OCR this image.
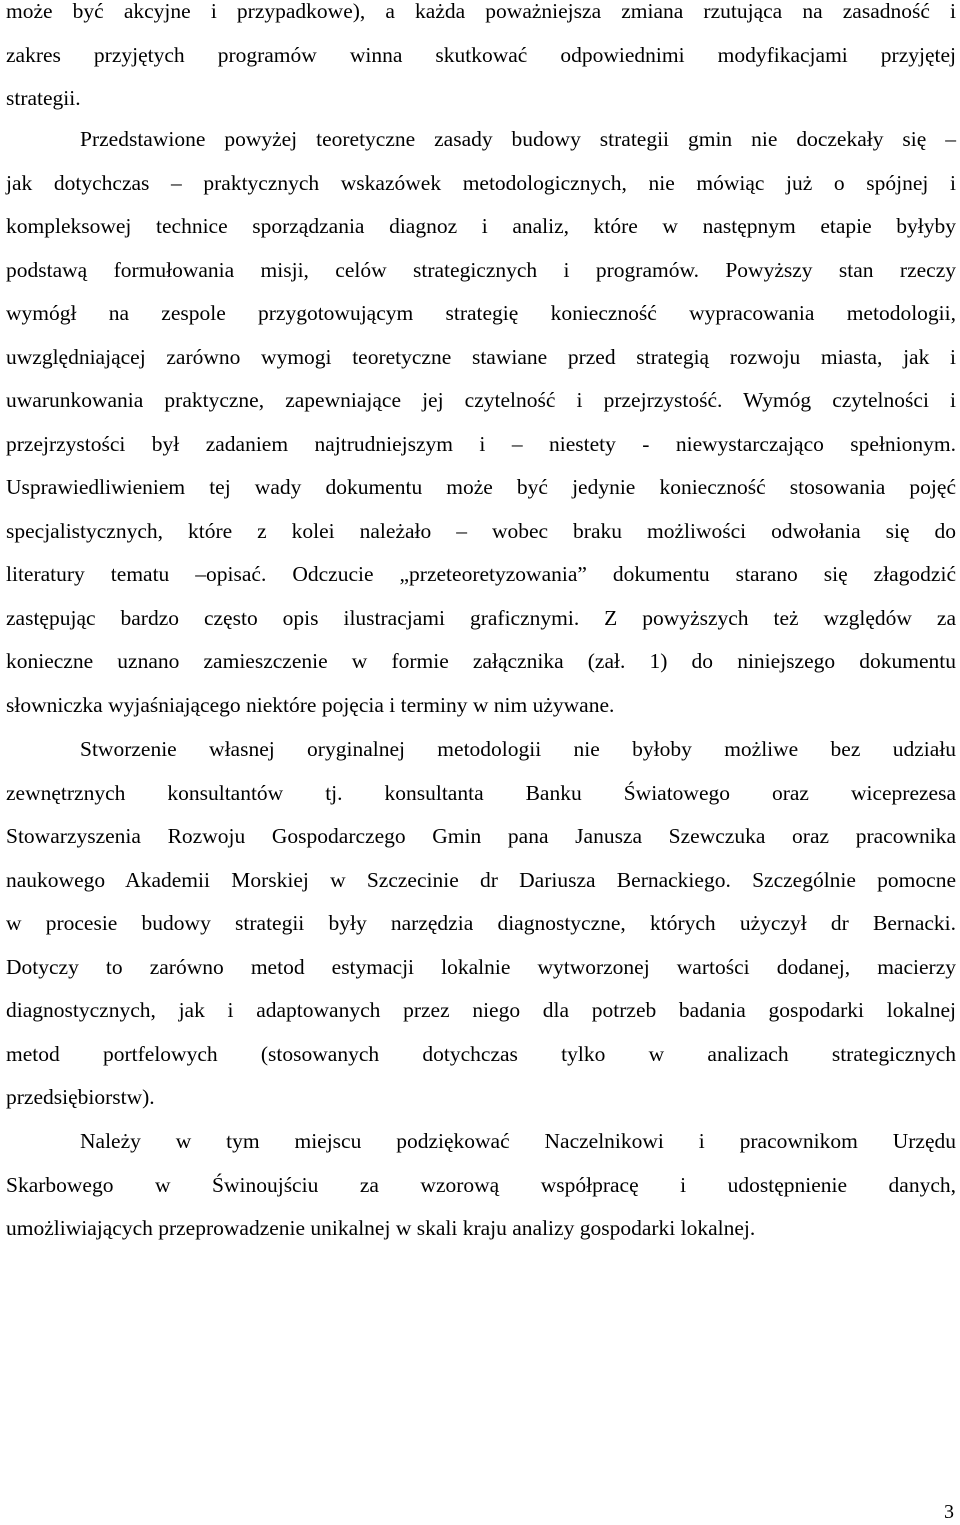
może być akcyjne i przypadkowe), a każda poważniejsza zmiana rzutująca na zasadność i
zakres przyjętych programów winna skutkować odpowiednimi modyfikacjami przyjętej
strategii.
Przedstawione powyżej teoretyczne zasady budowy strategii gmin nie doczekały się –
jak dotychczas – praktycznych wskazówek metodologicznych, nie mówiąc już o spójnej i
kompleksowej technice sporządzania diagnoz i analiz, które w następnym etapie byłyby
podstawą formułowania misji, celów strategicznych i programów. Powyższy stan rzeczy
wymógł na zespole przygotowującym strategię konieczność wypracowania metodologii,
uwzględniającej zarówno wymogi teoretyczne stawiane przed strategią rozwoju miasta, jak i
uwarunkowania praktyczne, zapewniające jej czytelność i przejrzystość. Wymóg czytelności i
przejrzystości był zadaniem najtrudniejszym i – niestety - niewystarczająco spełnionym.
Usprawiedliwieniem tej wady dokumentu może być jedynie konieczność stosowania pojęć
specjalistycznych, które z kolei należało – wobec braku możliwości odwołania się do
literatury tematu –opisać. Odczucie „przeteoretyzowania” dokumentu starano się złagodzić
zastępując bardzo często opis ilustracjami graficznymi. Z powyższych też względów za
konieczne uznano zamieszczenie w formie załącznika (zał. 1) do niniejszego dokumentu
słowniczka wyjaśniającego niektóre pojęcia i terminy w nim używane.
Stworzenie własnej oryginalnej metodologii nie byłoby możliwe bez udziału
zewnętrznych konsultantów tj. konsultanta Banku Światowego oraz wiceprezesa
Stowarzyszenia Rozwoju Gospodarczego Gmin pana Janusza Szewczuka oraz pracownika
naukowego Akademii Morskiej w Szczecinie dr Dariusza Bernackiego. Szczególnie pomocne
w procesie budowy strategii były narzędzia diagnostyczne, których użyczył dr Bernacki.
Dotyczy to zarówno metod estymacji lokalnie wytworzonej wartości dodanej, macierzy
diagnostycznych, jak i adaptowanych przez niego dla potrzeb badania gospodarki lokalnej
metod portfelowych (stosowanych dotychczas tylko w analizach strategicznych
przedsiębiorstw).
Należy w tym miejscu podziękować Naczelnikowi i pracownikom Urzędu
Skarbowego w Świnoujściu za wzorową współpracę i udostępnienie danych,
umożliwiających przeprowadzenie unikalnej w skali kraju analizy gospodarki lokalnej.
3
